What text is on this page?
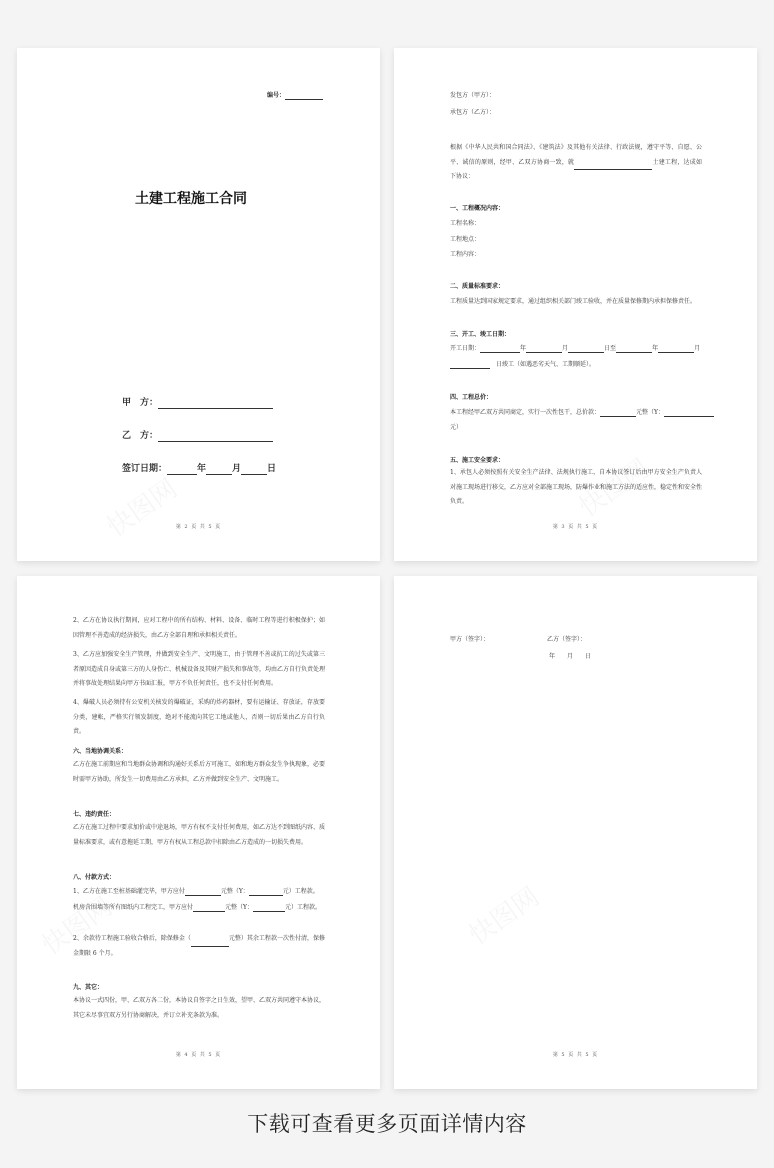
编号：
土建工程施工合同
甲　方：
乙　方：
签订日期：	年	月	日
第 2 页 共 5 页
发包方（甲方）：
承包方（乙方）：
根据《中华人民共和国合同法》、《建筑法》及其他有关法律、行政法规，遵守平等、自愿、公平、诚信的原则，经甲、乙双方协商一致，就	土建工程，达成如下协议：
一、工程概况内容：
工程名称：
工程地点：
工程内容：
二、质量标准要求：
工程质量达到国家规定要求，通过组织相关部门竣工验收，并在质量保修期内承担保修责任。
三、开工、竣工日期：
开工日期：	年	月	日至	年	月
　日竣工（如遇恶劣天气、工期顺延）。
四、工程总价：
本工程经甲乙双方共同商定，实行一次性包干，总价款：	元整（Y：
元）
五、施工安全要求：
1、承包人必须按照有关安全生产法律、法规执行施工，自本协议签订后由甲方安全生产负责人对施工现场进行移交，乙方应对全部施工现场，防爆作业和施工方法的适应性，稳定性和安全性负责。
第 3 页 共 5 页
2、乙方在协议执行期间，应对工程中的所有结构、材料、设备、临时工程等进行积极保护；如因管理不善造成的经济损失，由乙方全部自理和承担相关责任。
3、乙方应加强安全生产管理，并做到安全生产、文明施工，由于管理不善或抗工的过失或第三者原因造成自身或第三方的人身伤亡、机械设备及其财产损失和事故等，均由乙方自行负责处理并将事故处理结果向甲方书面汇报，甲方不负任何责任，也不支付任何费用。
4、爆破人员必须持有公安机关核发的爆破证，采购的炸药器材，要有运输证、存放证，存放要分类，建帐，严格实行领发制度，绝对不能流向其它工地或他人，否则一切后果由乙方自行负责。
六、当地协调关系：
乙方在施工前期应和当地群众协调和沟通好关系后方可施工，如和地方群众发生争执现象，必要时需甲方协助，所发生一切费用由乙方承担，乙方并做到安全生产、文明施工。
七、违约责任：
乙方在施工过程中要求加价或中途退场，甲方有权不支付任何费用，如乙方达不到图纸内容、质量标准要求，或有意拖延工期，甲方有权从工程总款中扣除由乙方造成的一切损失费用。
八、付款方式：
1、乙方在施工至桩基础灌完毕，甲方应付	元整（Y：	元）工程款。
机房含围墙等所有图纸内工程完工，甲方应付	元整（Y：	元）工程款。
2、余款待工程施工验收合格后，除保修金（	元整）其余工程款一次性付清，保修金期限 6 个月。
九、其它：
本协议一式四份，甲、乙双方各二份，本协议自签字之日生效，望甲、乙双方共同遵守本协议，其它未尽事宜双方另行协商解决，并订立补充条款为准。
第 4 页 共 5 页
甲方（签字）：	乙方（签字）：
年　　月　　日
第 5 页 共 5 页
下载可查看更多页面详情内容
